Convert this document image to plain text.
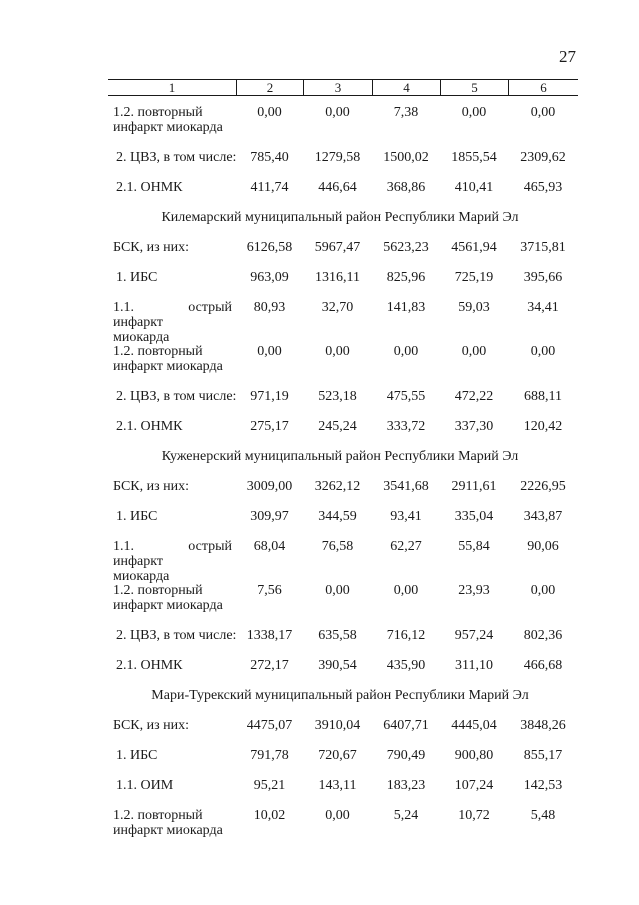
27
1	2	3	4	5	6
1.2. повторный
инфаркт миокарда
0,00	0,00	7,38	0,00	0,00
2. ЦВЗ, в том числе: 785,40	1279,58	1500,02	1855,54	2309,62
2.1. ОНМК	411,74	446,64	368,86	410,41	465,93
Килемарский муниципальный район Республики Марий Эл
БСК, из них:	6126,58	5967,47	5623,23	4561,94	3715,81
1. ИБС	963,09	1316,11	825,96	725,19	395,66
1.1. острый инфаркт
миокарда
80,93	32,70	141,83	59,03	34,41
1.2. повторный
инфаркт миокарда
0,00	0,00	0,00	0,00	0,00
2. ЦВЗ, в том числе: 971,19	523,18	475,55	472,22	688,11
2.1. ОНМК	275,17	245,24	333,72	337,30	120,42
Куженерский муниципальный район Республики Марий Эл
БСК, из них:	3009,00	3262,12	3541,68	2911,61	2226,95
1. ИБС	309,97	344,59	93,41	335,04	343,87
1.1. острый инфаркт
миокарда
68,04	76,58	62,27	55,84	90,06
1.2. повторный
инфаркт миокарда
7,56	0,00	0,00	23,93	0,00
2. ЦВЗ, в том числе: 1338,17	635,58	716,12	957,24	802,36
2.1. ОНМК	272,17	390,54	435,90	311,10	466,68
Мари-Турекский муниципальный район Республики Марий Эл
БСК, из них:	4475,07	3910,04	6407,71	4445,04	3848,26
1. ИБС	791,78	720,67	790,49	900,80	855,17
1.1. ОИМ	95,21	143,11	183,23	107,24	142,53
1.2. повторный
инфаркт миокарда
10,02	0,00	5,24	10,72	5,48
